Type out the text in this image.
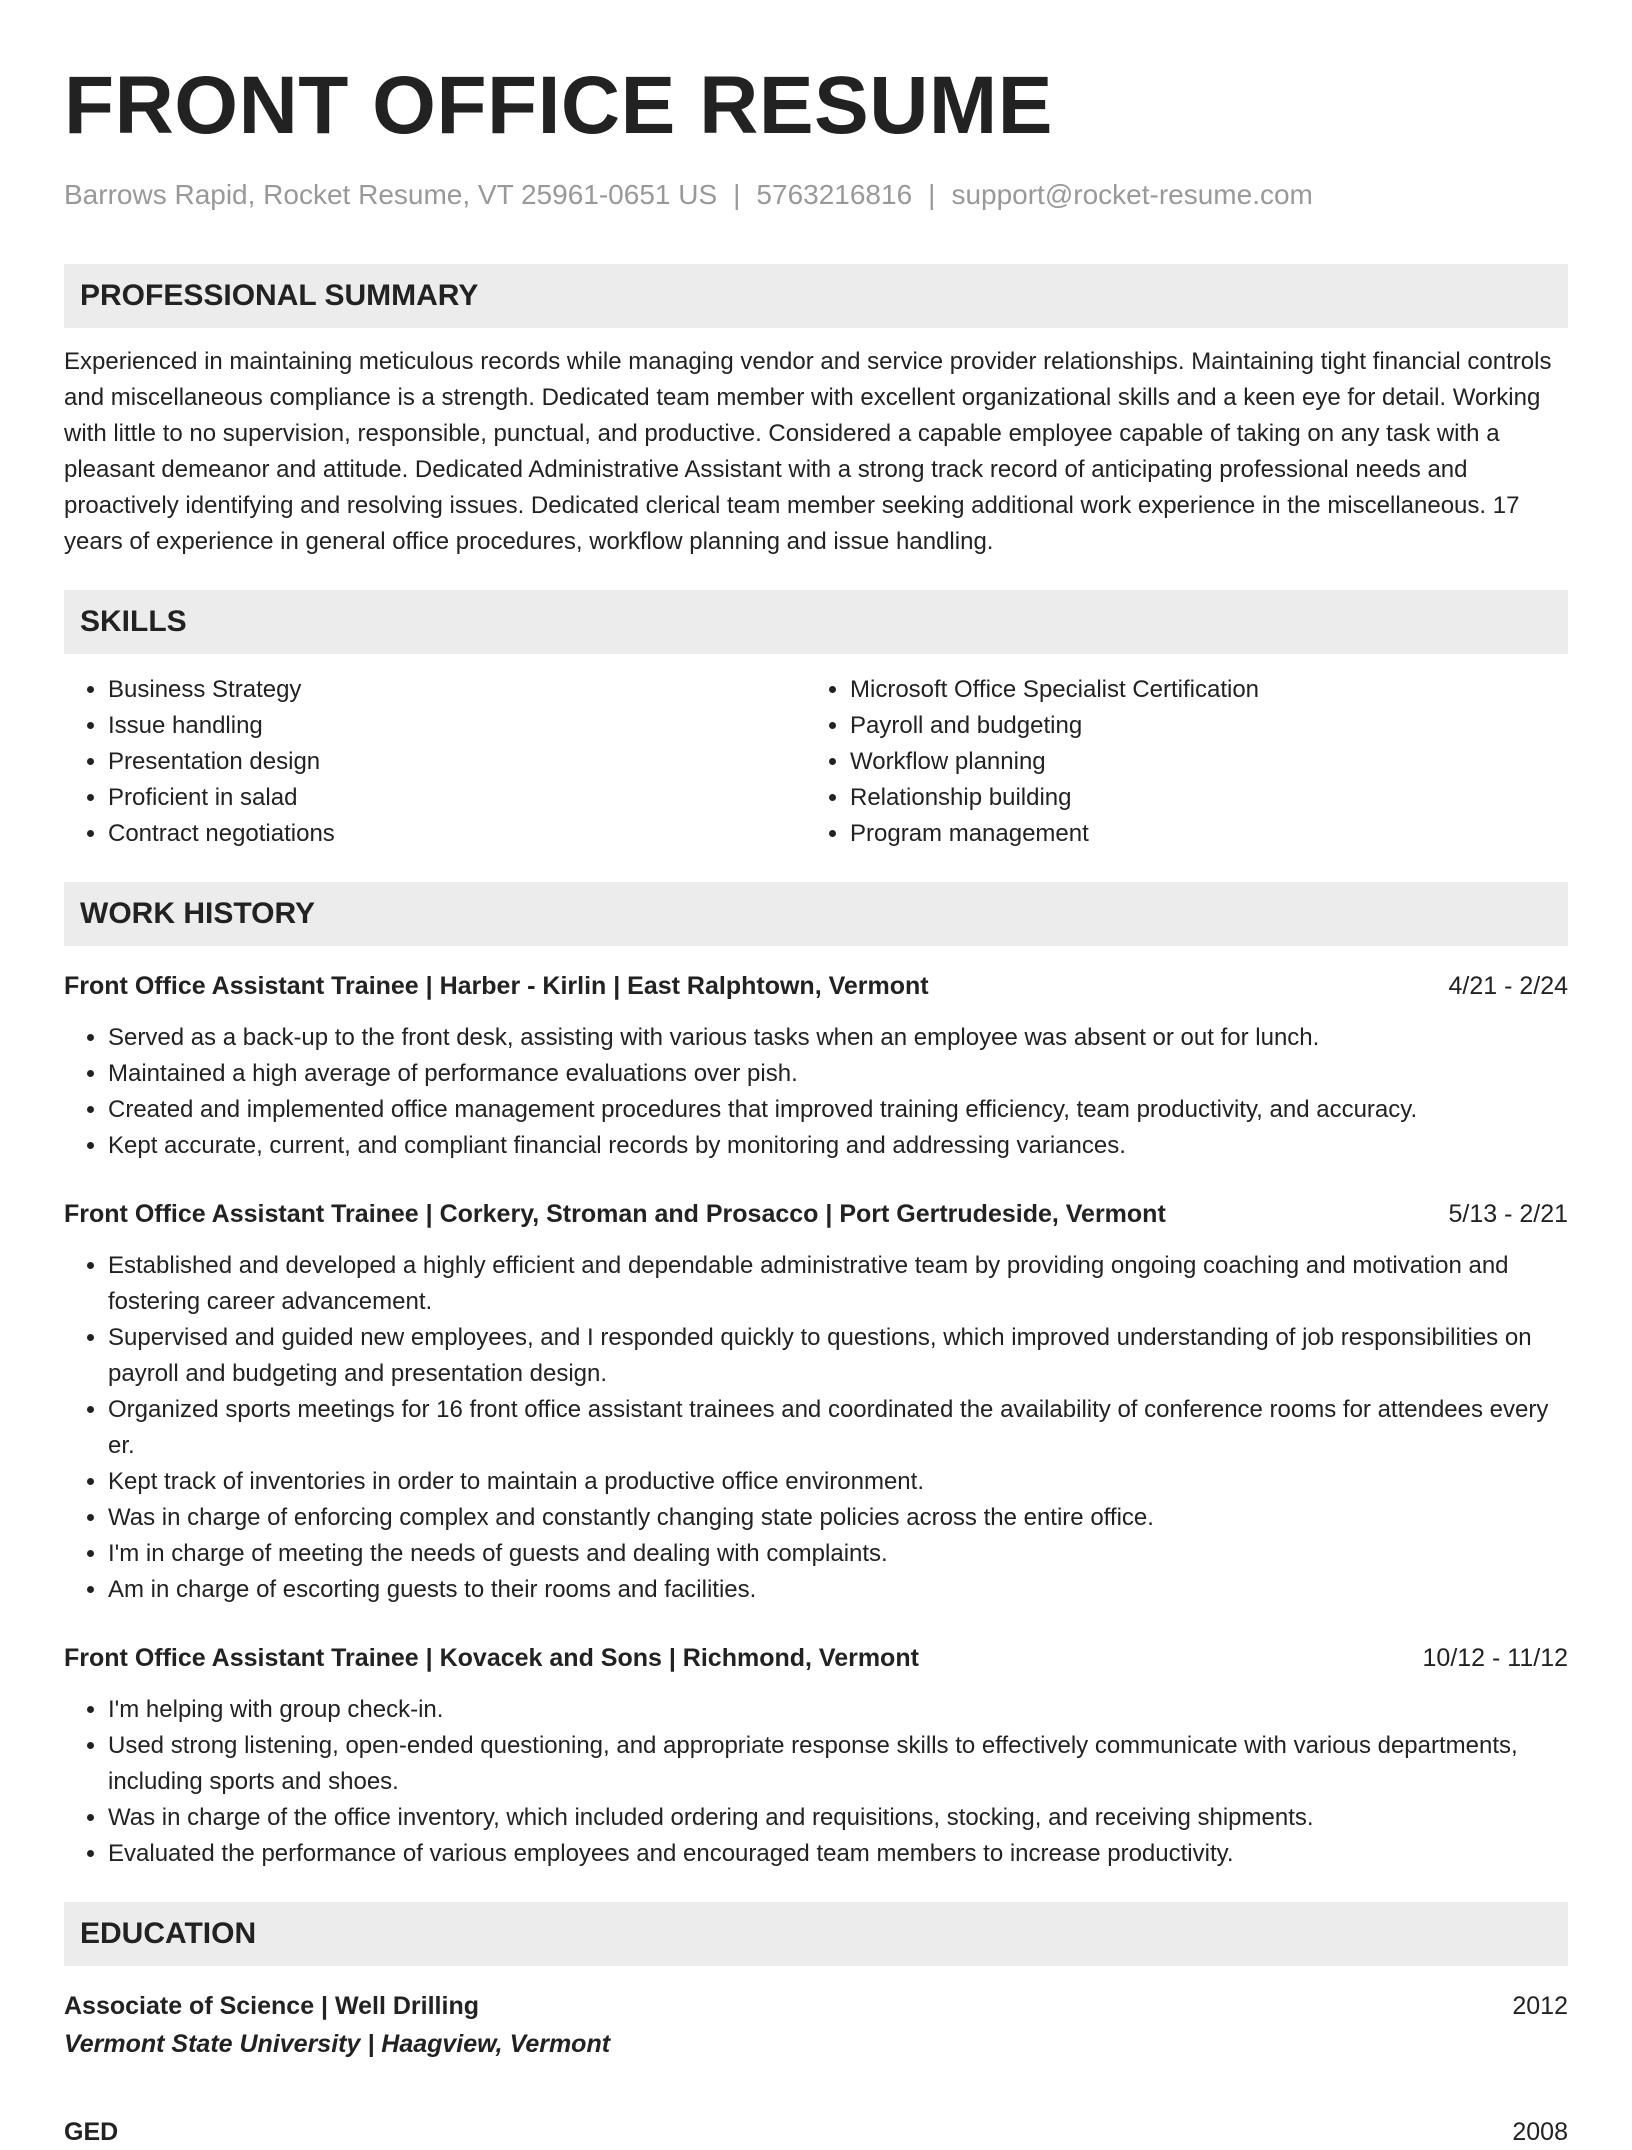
FRONT OFFICE RESUME
Barrows Rapid, Rocket Resume, VT 25961-0651 US | 5763216816 | support@rocket-resume.com
PROFESSIONAL SUMMARY
Experienced in maintaining meticulous records while managing vendor and service provider relationships. Maintaining tight financial controls and miscellaneous compliance is a strength. Dedicated team member with excellent organizational skills and a keen eye for detail. Working with little to no supervision, responsible, punctual, and productive. Considered a capable employee capable of taking on any task with a pleasant demeanor and attitude. Dedicated Administrative Assistant with a strong track record of anticipating professional needs and proactively identifying and resolving issues. Dedicated clerical team member seeking additional work experience in the miscellaneous. 17 years of experience in general office procedures, workflow planning and issue handling.
SKILLS
• Business Strategy
• Issue handling
• Presentation design
• Proficient in salad
• Contract negotiations
• Microsoft Office Specialist Certification
• Payroll and budgeting
• Workflow planning
• Relationship building
• Program management
WORK HISTORY
Front Office Assistant Trainee | Harber - Kirlin | East Ralphtown, Vermont	4/21 - 2/24
• Served as a back-up to the front desk, assisting with various tasks when an employee was absent or out for lunch.
• Maintained a high average of performance evaluations over pish.
• Created and implemented office management procedures that improved training efficiency, team productivity, and accuracy.
• Kept accurate, current, and compliant financial records by monitoring and addressing variances.
Front Office Assistant Trainee | Corkery, Stroman and Prosacco | Port Gertrudeside, Vermont	5/13 - 2/21
• Established and developed a highly efficient and dependable administrative team by providing ongoing coaching and motivation and fostering career advancement.
• Supervised and guided new employees, and I responded quickly to questions, which improved understanding of job responsibilities on payroll and budgeting and presentation design.
• Organized sports meetings for 16 front office assistant trainees and coordinated the availability of conference rooms for attendees every er.
• Kept track of inventories in order to maintain a productive office environment.
• Was in charge of enforcing complex and constantly changing state policies across the entire office.
• I'm in charge of meeting the needs of guests and dealing with complaints.
• Am in charge of escorting guests to their rooms and facilities.
Front Office Assistant Trainee | Kovacek and Sons | Richmond, Vermont	10/12 - 11/12
• I'm helping with group check-in.
• Used strong listening, open-ended questioning, and appropriate response skills to effectively communicate with various departments, including sports and shoes.
• Was in charge of the office inventory, which included ordering and requisitions, stocking, and receiving shipments.
• Evaluated the performance of various employees and encouraged team members to increase productivity.
EDUCATION
Associate of Science | Well Drilling	2012
Vermont State University | Haagview, Vermont
GED	2008
